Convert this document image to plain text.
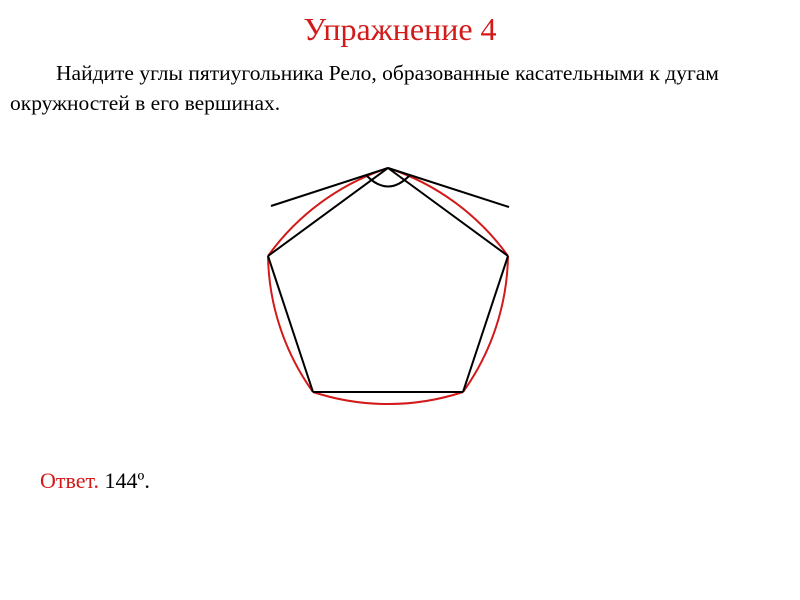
Упражнение 4
Найдите углы пятиугольника Рело, образованные касательными к дугам окружностей в его вершинах.
Ответ. 144º.
